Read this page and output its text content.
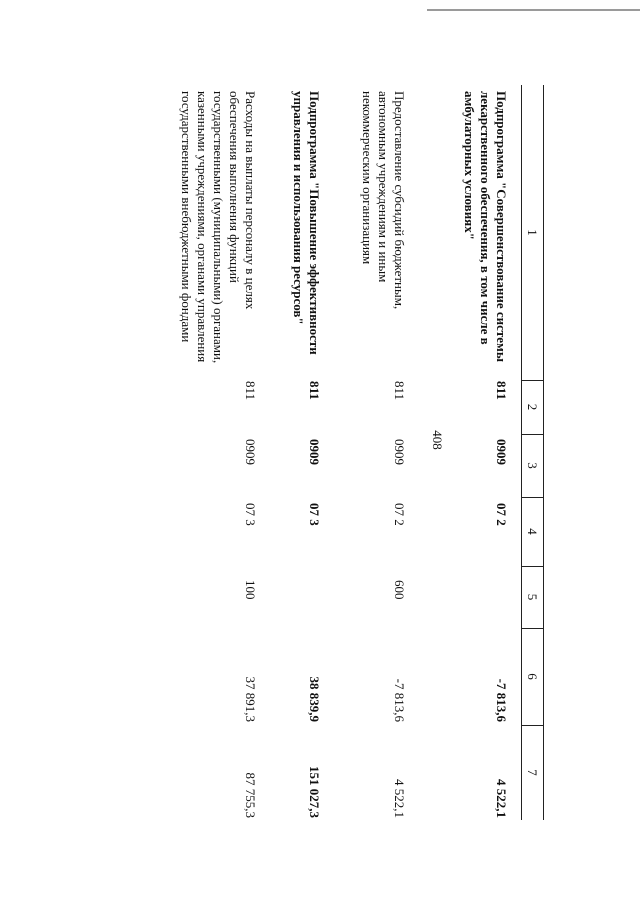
408
1
2
3
4
5
6
7
Подпрограмма "Совершенствование системы лекарственного обеспечения, в том числе в амбулаторных условиях"
811
0909
07 2
-7 813,6
4 522,1
Предоставление субсидий бюджетным, автономным учреждениям и иным некоммерческим организациям
811
0909
07 2
600
-7 813,6
4 522,1
Подпрограмма "Повышение эффективности управления и использования ресурсов"
811
0909
07 3
38 839,9
151 027,3
Расходы на выплаты персоналу в целях обеспечения выполнения функций государственными (муниципальными) органами, казенными учреждениями, органами управления государственными внебюджетными фондами
811
0909
07 3
100
37 891,3
87 755,3
